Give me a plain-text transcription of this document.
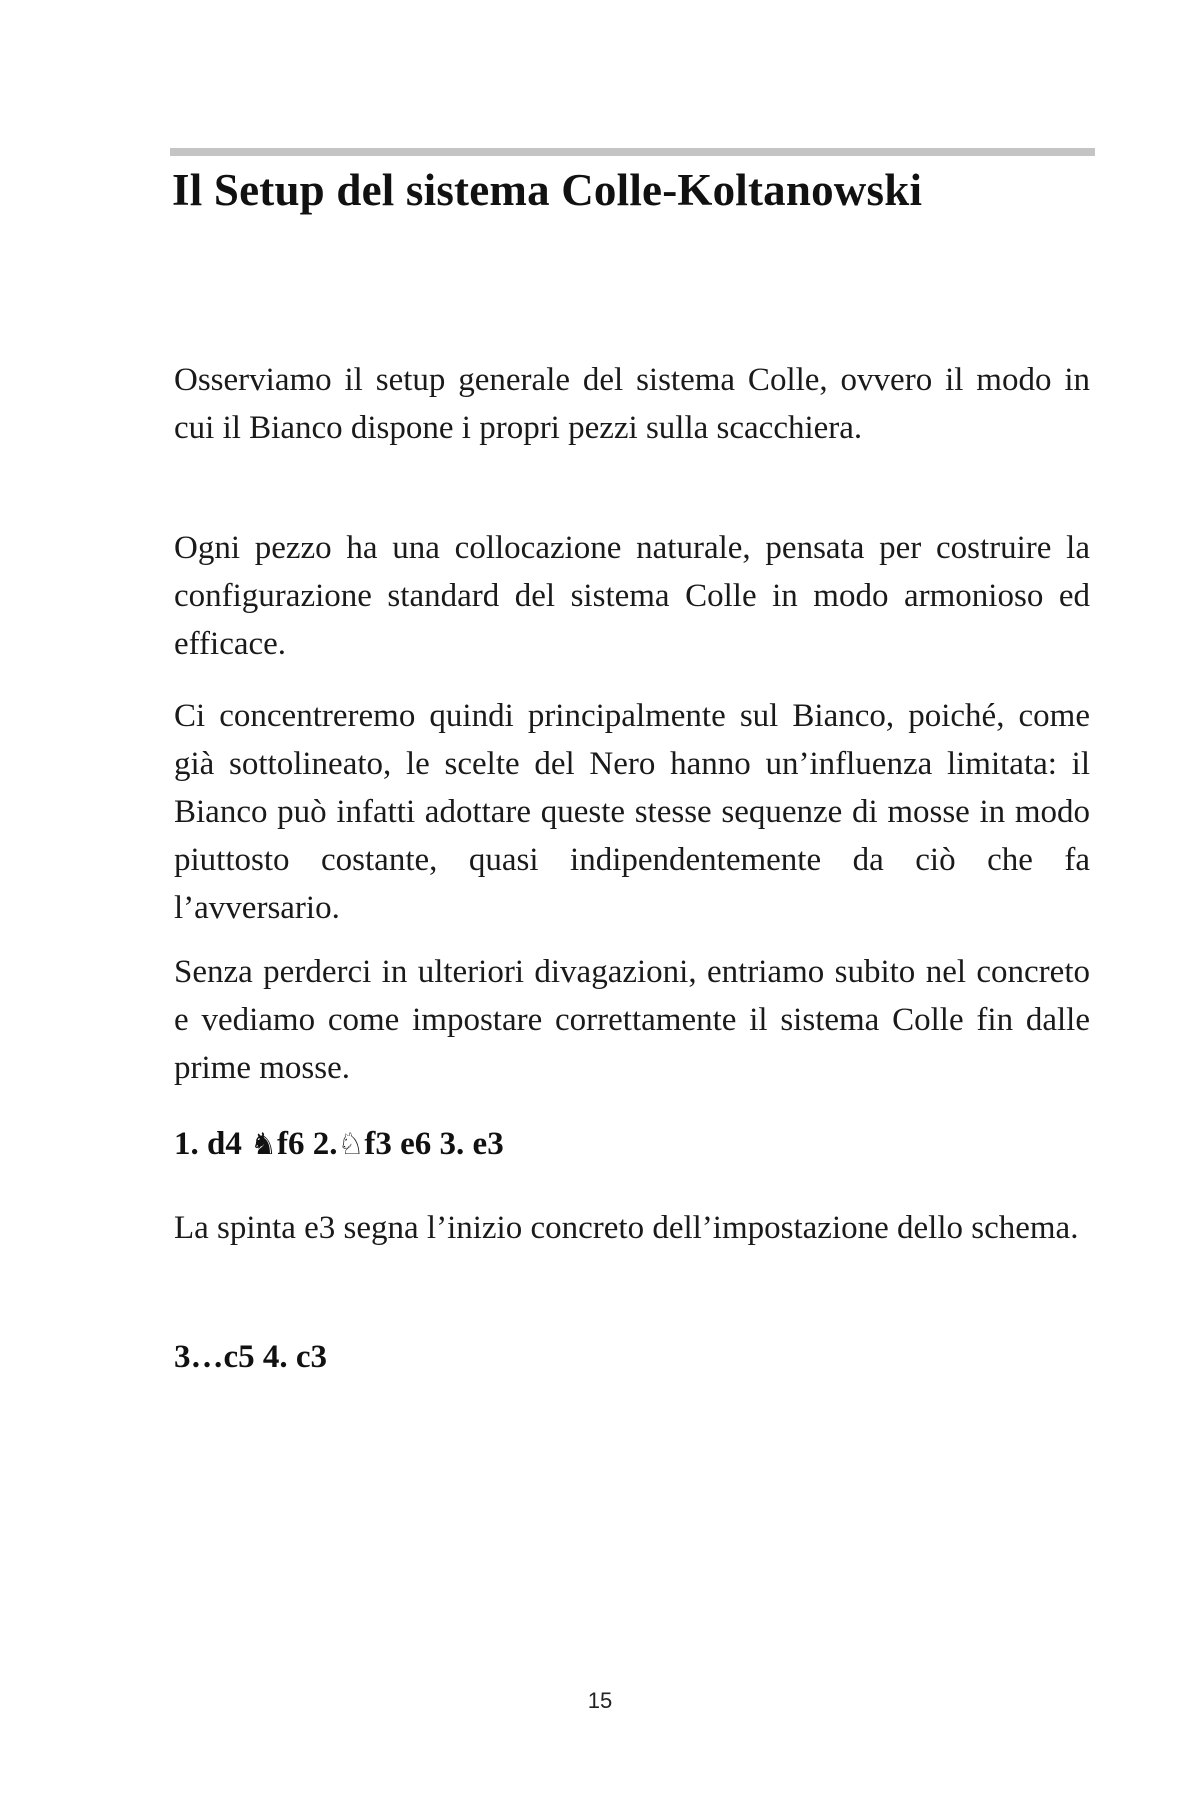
Il Setup del sistema Colle-Koltanowski

Osserviamo il setup generale del sistema Colle, ovvero il modo in cui il Bianco dispone i propri pezzi sulla scacchiera.

Ogni pezzo ha una collocazione naturale, pensata per costruire la configurazione standard del sistema Colle in modo armonioso ed efficace.

Ci concentreremo quindi principalmente sul Bianco, poiché, come già sottolineato, le scelte del Nero hanno un’influenza limitata: il Bianco può infatti adottare queste stesse sequenze di mosse in modo piuttosto costante, quasi indipendentemente da ciò che fa l’avversario.

Senza perderci in ulteriori divagazioni, entriamo subito nel concreto e vediamo come impostare correttamente il sistema Colle fin dalle prime mosse.

1. d4 ♞f6 2.♘f3 e6 3. e3

La spinta e3 segna l’inizio concreto dell’impostazione dello schema.

3…c5 4. c3

15
